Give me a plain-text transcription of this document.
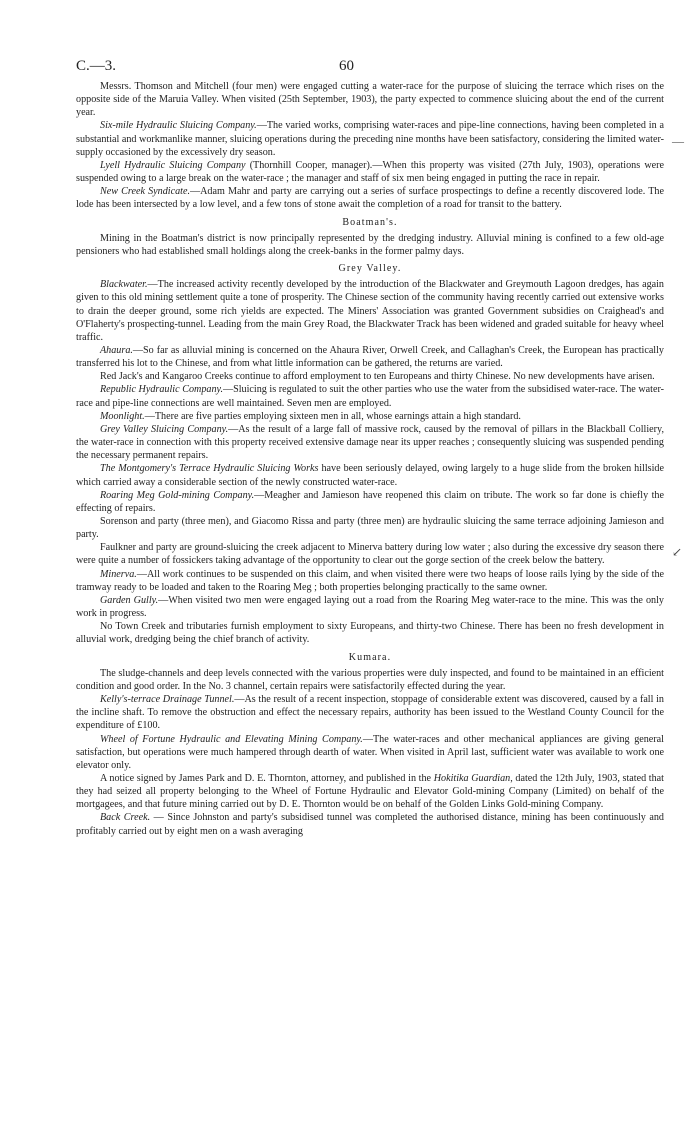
C.—3.	60

Messrs. Thomson and Mitchell (four men) were engaged cutting a water-race for the purpose of sluicing the terrace which rises on the opposite side of the Maruia Valley. When visited (25th September, 1903), the party expected to commence sluicing about the end of the current year.

Six-mile Hydraulic Sluicing Company.—The varied works, comprising water-races and pipe-line connections, having been completed in a substantial and workmanlike manner, sluicing operations during the preceding nine months have been satisfactory, considering the limited water-supply occasioned by the excessively dry season.

Lyell Hydraulic Sluicing Company (Thornhill Cooper, manager).—When this property was visited (27th July, 1903), operations were suspended owing to a large break on the water-race ; the manager and staff of six men being engaged in putting the race in repair.

New Creek Syndicate.—Adam Mahr and party are carrying out a series of surface prospectings to define a recently discovered lode. The lode has been intersected by a low level, and a few tons of stone await the completion of a road for transit to the battery.

Boatman's.

Mining in the Boatman's district is now principally represented by the dredging industry. Alluvial mining is confined to a few old-age pensioners who had established small holdings along the creek-banks in the former palmy days.

Grey Valley.

Blackwater.—The increased activity recently developed by the introduction of the Blackwater and Greymouth Lagoon dredges, has again given to this old mining settlement quite a tone of prosperity. The Chinese section of the community having recently carried out extensive works to drain the deeper ground, some rich yields are expected. The Miners' Association was granted Government subsidies on Craighead's and O'Flaherty's prospecting-tunnel. Leading from the main Grey Road, the Blackwater Track has been widened and graded suitable for heavy wheel traffic.

Ahaura.—So far as alluvial mining is concerned on the Ahaura River, Orwell Creek, and Callaghan's Creek, the European has practically transferred his lot to the Chinese, and from what little information can be gathered, the returns are varied.

Red Jack's and Kangaroo Creeks continue to afford employment to ten Europeans and thirty Chinese. No new developments have arisen.

Republic Hydraulic Company.—Sluicing is regulated to suit the other parties who use the water from the subsidised water-race. The water-race and pipe-line connections are well maintained. Seven men are employed.

Moonlight.—There are five parties employing sixteen men in all, whose earnings attain a high standard.

Grey Valley Sluicing Company.—As the result of a large fall of massive rock, caused by the removal of pillars in the Blackball Colliery, the water-race in connection with this property received extensive damage near its upper reaches ; consequently sluicing was suspended pending the necessary permanent repairs.

The Montgomery's Terrace Hydraulic Sluicing Works have been seriously delayed, owing largely to a huge slide from the broken hillside which carried away a considerable section of the newly constructed water-race.

Roaring Meg Gold-mining Company.—Meagher and Jamieson have reopened this claim on tribute. The work so far done is chiefly the effecting of repairs.

Sorenson and party (three men), and Giacomo Rissa and party (three men) are hydraulic sluicing the same terrace adjoining Jamieson and party.

Faulkner and party are ground-sluicing the creek adjacent to Minerva battery during low water ; also during the excessive dry season there were quite a number of fossickers taking advantage of the opportunity to clear out the gorge section of the creek below the battery.

Minerva.—All work continues to be suspended on this claim, and when visited there were two heaps of loose rails lying by the side of the tramway ready to be loaded and taken to the Roaring Meg ; both properties belonging practically to the same owner.

Garden Gully.—When visited two men were engaged laying out a road from the Roaring Meg water-race to the mine. This was the only work in progress.

No Town Creek and tributaries furnish employment to sixty Europeans, and thirty-two Chinese. There has been no fresh development in alluvial work, dredging being the chief branch of activity.

Kumara.

The sludge-channels and deep levels connected with the various properties were duly inspected, and found to be maintained in an efficient condition and good order. In the No. 3 channel, certain repairs were satisfactorily effected during the year.

Kelly's-terrace Drainage Tunnel.—As the result of a recent inspection, stoppage of considerable extent was discovered, caused by a fall in the incline shaft. To remove the obstruction and effect the necessary repairs, authority has been issued to the Westland County Council for the expenditure of £100.

Wheel of Fortune Hydraulic and Elevating Mining Company.—The water-races and other mechanical appliances are giving general satisfaction, but operations were much hampered through dearth of water. When visited in April last, sufficient water was available to work one elevator only.

A notice signed by James Park and D. E. Thornton, attorney, and published in the Hokitika Guardian, dated the 12th July, 1903, stated that they had seized all property belonging to the Wheel of Fortune Hydraulic and Elevator Gold-mining Company (Limited) on behalf of the mortgagees, and that future mining carried out by D. E. Thornton would be on behalf of the Golden Links Gold-mining Company.

Back Creek. — Since Johnston and party's subsidised tunnel was completed the authorised distance, mining has been continuously and profitably carried out by eight men on a wash averaging

—
↙
